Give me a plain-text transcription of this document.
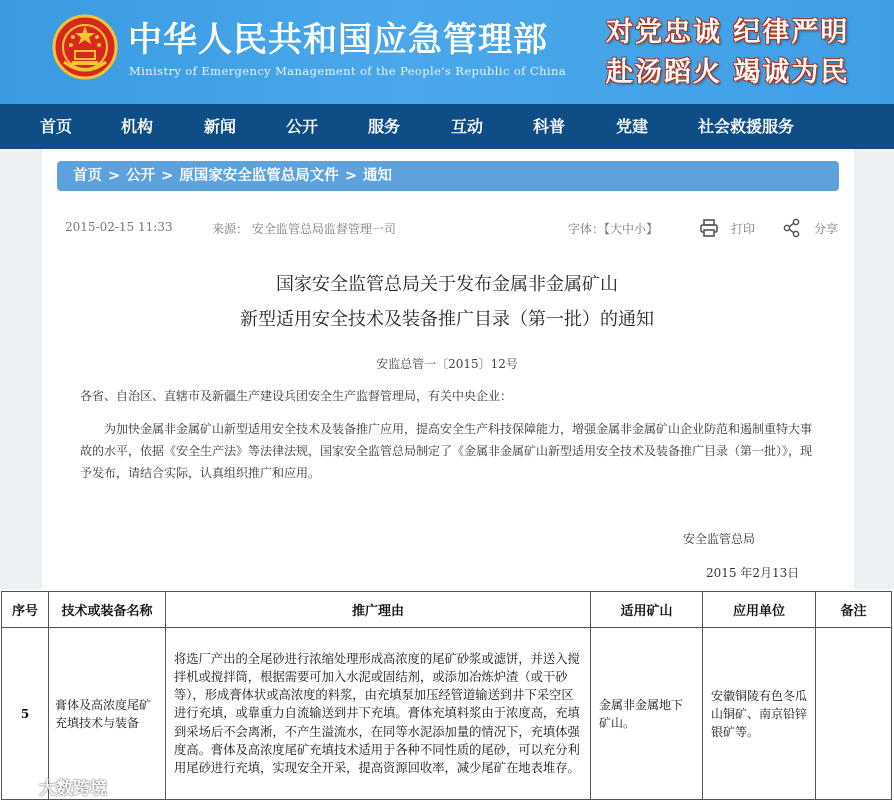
中华人民共和国应急管理部
Ministry of Emergency Management of the People's Republic of China
对党忠诚 纪律严明
赴汤蹈火 竭诚为民
首页	机构	新闻	公开	服务	互动	科普	党建	社会救援服务
首页 > 公开 > 原国家安全监管总局文件 > 通知
2015-02-15 11:33	来源： 安全监管总局监督管理一司	字体：【大中小】	打印	分享
国家安全监管总局关于发布金属非金属矿山
新型适用安全技术及装备推广目录（第一批）的通知
安监总管一〔2015〕12号
各省、自治区、直辖市及新疆生产建设兵团安全生产监督管理局，有关中央企业：
为加快金属非金属矿山新型适用安全技术及装备推广应用，提高安全生产科技保障能力，增强金属非金属矿山企业防范和遏制重特大事故的水平，依据《安全生产法》等法律法规，国家安全监管总局制定了《金属非金属矿山新型适用安全技术及装备推广目录（第一批）》，现予发布，请结合实际，认真组织推广和应用。
安全监管总局
2015 年2月13日
序号	技术或装备名称	推广理由	适用矿山	应用单位	备注
5	膏体及高浓度尾矿充填技术与装备	将选厂产出的全尾砂进行浓缩处理形成高浓度的尾矿砂浆或滤饼，并送入搅拌机或搅拌筒，根据需要可加入水泥或固结剂，或添加冶炼炉渣（或干砂等），形成膏体状或高浓度的料浆，由充填泵加压经管道输送到井下采空区进行充填，或靠重力自流输送到井下充填。膏体充填料浆由于浓度高，充填到采场后不会离淅，不产生溢流水，在同等水泥添加量的情况下，充填体强度高。膏体及高浓度尾矿充填技术适用于各种不同性质的尾砂，可以充分利用尾砂进行充填，实现安全开采，提高资源回收率，减少尾矿在地表堆存。	金属非金属地下矿山。	安徽铜陵有色冬瓜山铜矿、南京铅锌银矿等。	
大数跨境
